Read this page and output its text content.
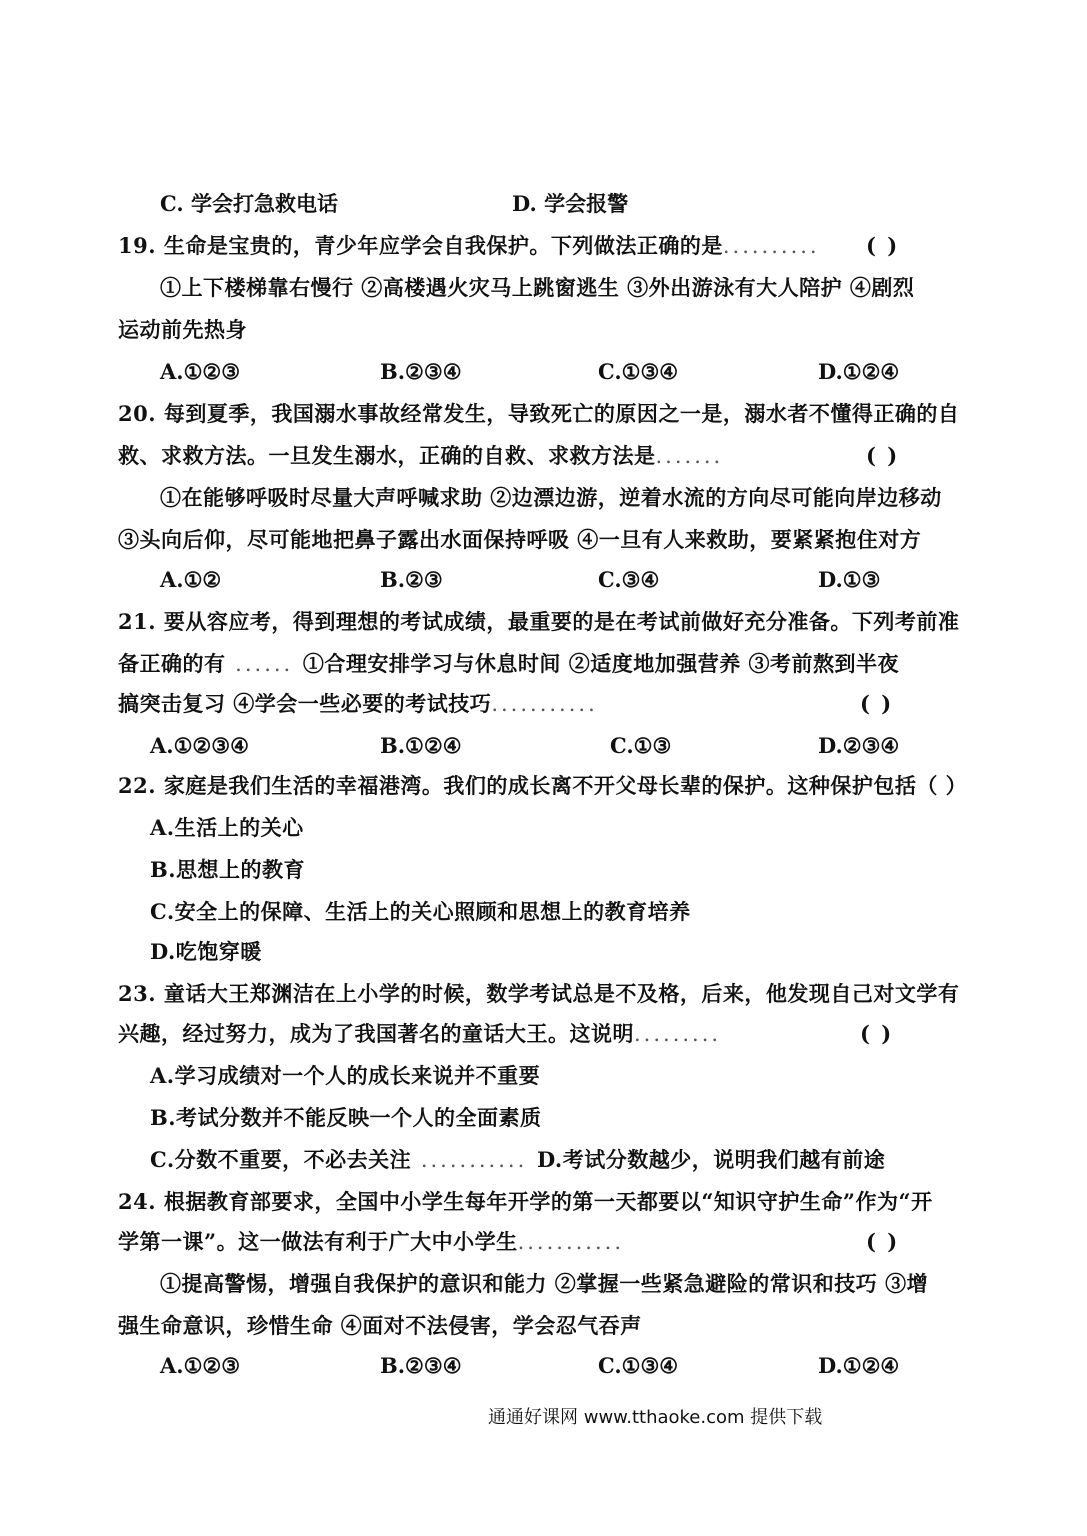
C. 学会打急救电话	D. 学会报警
19. 生命是宝贵的，青少年应学会自我保护。下列做法正确的是..........	( )
①上下楼梯靠右慢行 ②高楼遇火灾马上跳窗逃生 ③外出游泳有大人陪护 ④剧烈
运动前先热身
A.①②③	B.②③④	C.①③④	D.①②④
20. 每到夏季，我国溺水事故经常发生，导致死亡的原因之一是，溺水者不懂得正确的自
救、求救方法。一旦发生溺水，正确的自救、求救方法是.......	( )
①在能够呼吸时尽量大声呼喊求助 ②边漂边游，逆着水流的方向尽可能向岸边移动
③头向后仰，尽可能地把鼻子露出水面保持呼吸 ④一旦有人来救助，要紧紧抱住对方
A.①②	B.②③	C.③④	D.①③
21. 要从容应考，得到理想的考试成绩，最重要的是在考试前做好充分准备。下列考前准
备正确的有 ...... ①合理安排学习与休息时间 ②适度地加强营养 ③考前熬到半夜
搞突击复习 ④学会一些必要的考试技巧...........	( )
A.①②③④	B.①②④	C.①③	D.②③④
22. 家庭是我们生活的幸福港湾。我们的成长离不开父母长辈的保护。这种保护包括（ ）
A.生活上的关心
B.思想上的教育
C.安全上的保障、生活上的关心照顾和思想上的教育培养
D.吃饱穿暖
23. 童话大王郑渊洁在上小学的时候，数学考试总是不及格，后来，他发现自己对文学有
兴趣，经过努力，成为了我国著名的童话大王。这说明.........	( )
A.学习成绩对一个人的成长来说并不重要
B.考试分数并不能反映一个人的全面素质
C.分数不重要，不必去关注 ........... D.考试分数越少，说明我们越有前途
24. 根据教育部要求，全国中小学生每年开学的第一天都要以“知识守护生命”作为“开
学第一课”。这一做法有利于广大中小学生...........	( )
①提高警惕，增强自我保护的意识和能力 ②掌握一些紧急避险的常识和技巧 ③增
强生命意识，珍惜生命 ④面对不法侵害，学会忍气吞声
A.①②③	B.②③④	C.①③④	D.①②④
通通好课网 www.tthaoke.com 提供下载
